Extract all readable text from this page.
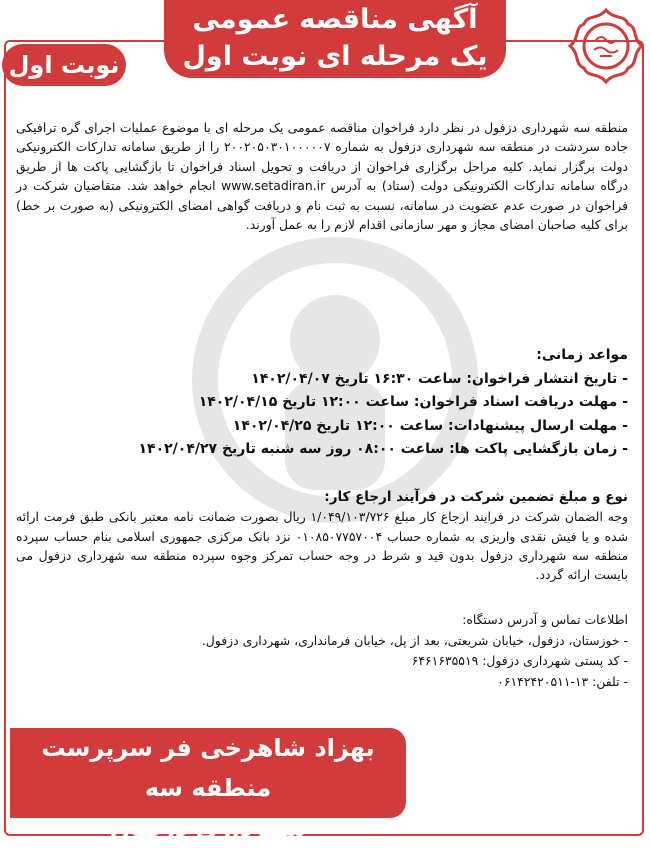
آگهی مناقصه عمومی
یک مرحله ای نوبت اول
نوبت اول

منطقه سه شهرداری دزفول در نظر دارد فراخوان مناقصه عمومی یک مرحله ای با موضوع عملیات اجرای گره ترافیکی جاده سردشت در منطقه سه شهرداری دزفول به شماره ۲۰۰۲۰۵۰۳۰۱۰۰۰۰۰۷ را از طریق سامانه تدارکات الکترونیکی دولت برگزار نماید. کلیه مراحل برگزاری فراخوان از دریافت و تحویل اسناد فراخوان تا بازگشایی پاکت ها از طریق درگاه سامانه تدارکات الکترونیکی دولت (ستاد) به آدرس www.setadiran.ir انجام خواهد شد. متقاضیان شرکت در فراخوان در صورت عدم عضویت در سامانه، نسبت به ثبت نام و دریافت گواهی امضای الکترونیکی (به صورت بر خط) برای کلیه صاحبان امضای مجاز و مهر سازمانی اقدام لازم را به عمل آورند.

مواعد زمانی:
- تاریخ انتشار فراخوان: ساعت ۱۶:۳۰ تاریخ ۱۴۰۲/۰۴/۰۷
- مهلت دریافت اسناد فراخوان: ساعت ۱۲:۰۰ تاریخ ۱۴۰۲/۰۴/۱۵
- مهلت ارسال پیشنهادات: ساعت ۱۲:۰۰ تاریخ ۱۴۰۲/۰۴/۲۵
- زمان بازگشایی پاکت ها: ساعت ۰۸:۰۰ روز سه شنبه تاریخ ۱۴۰۲/۰۴/۲۷
نوع و مبلغ تضمین شرکت در فرآیند ارجاع کار:
وجه الضمان شرکت در فرایند ارجاع کار مبلغ ۱/۰۴۹/۱۰۳/۷۲۶ ریال بصورت ضمانت نامه معتبر بانکی طبق فرمت ارائه شده و یا فیش نقدی واریزی به شماره حساب ۰۱۰۸۵۰۷۷۵۷۰۰۴ نزد بانک مرکزی جمهوری اسلامی بنام حساب سپرده منطقه سه شهرداری دزفول بدون قید و شرط در وجه حساب تمرکز وجوه سپرده منطقه سه شهرداری دزفول می بایست ارائه گردد.
اطلاعات تماس و آدرس دستگاه:
- خوزستان، دزفول، خیابان شریعتی، بعد از پل، خیابان فرمانداری، شهرداری دزفول.
- کد پستی شهرداری دزفول: ۶۴۶۱۶۳۵۵۱۹
- تلفن: ۱۳-۰۶۱۴۲۴۲۰۵۱۱
بهزاد شاهرخی فر سرپرست منطقه سه
شهرداری دزفول
